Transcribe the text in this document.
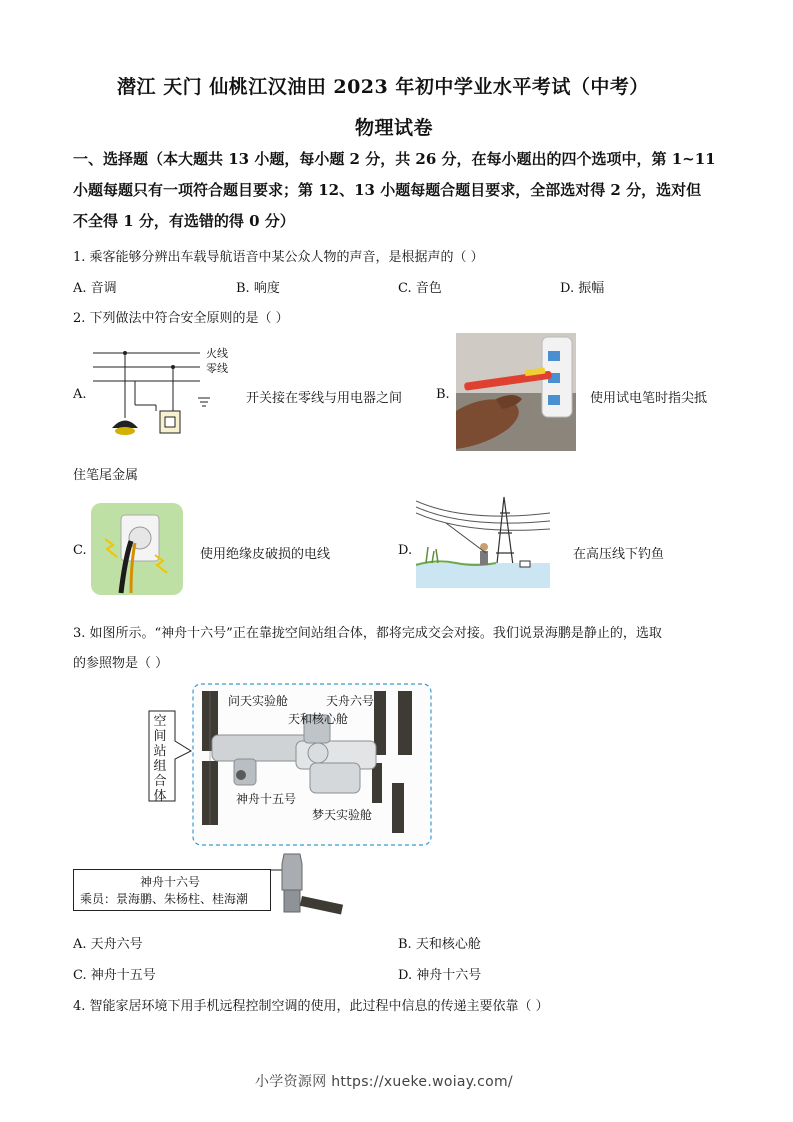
潜江 天门 仙桃江汉油田 2023 年初中学业水平考试（中考）
物理试卷
一、选择题（本大题共 13 小题，每小题 2 分，共 26 分，在每小题出的四个选项中，第 1~11
小题每题只有一项符合题目要求；第 12、13 小题每题合题目要求，全部选对得 2 分，选对但
不全得 1 分，有选错的得 0 分）
1. 乘客能够分辨出车载导航语音中某公众人物的声音，是根据声的（ ）
A. 音调	B. 响度	C. 音色	D. 振幅
2. 下列做法中符合安全原则的是（ ）
A.
火线
零线
开关接在零线与用电器之间	B.	使用试电笔时指尖抵
住笔尾金属
C.	使用绝缘皮破损的电线	D.	在高压线下钓鱼
3. 如图所示。“神舟十六号”正在靠拢空间站组合体，都将完成交会对接。我们说景海鹏是静止的，选取
的参照物是（ ）
空间站组合体
问天实验舱	天舟六号
天和核心舱
神舟十五号
梦天实验舱
神舟十六号
乘员：景海鹏、朱杨柱、桂海潮
A. 天舟六号	B. 天和核心舱
C. 神舟十五号	D. 神舟十六号
4. 智能家居环境下用手机远程控制空调的使用，此过程中信息的传递主要依靠（ ）
小学资源网 https://xueke.woiay.com/
